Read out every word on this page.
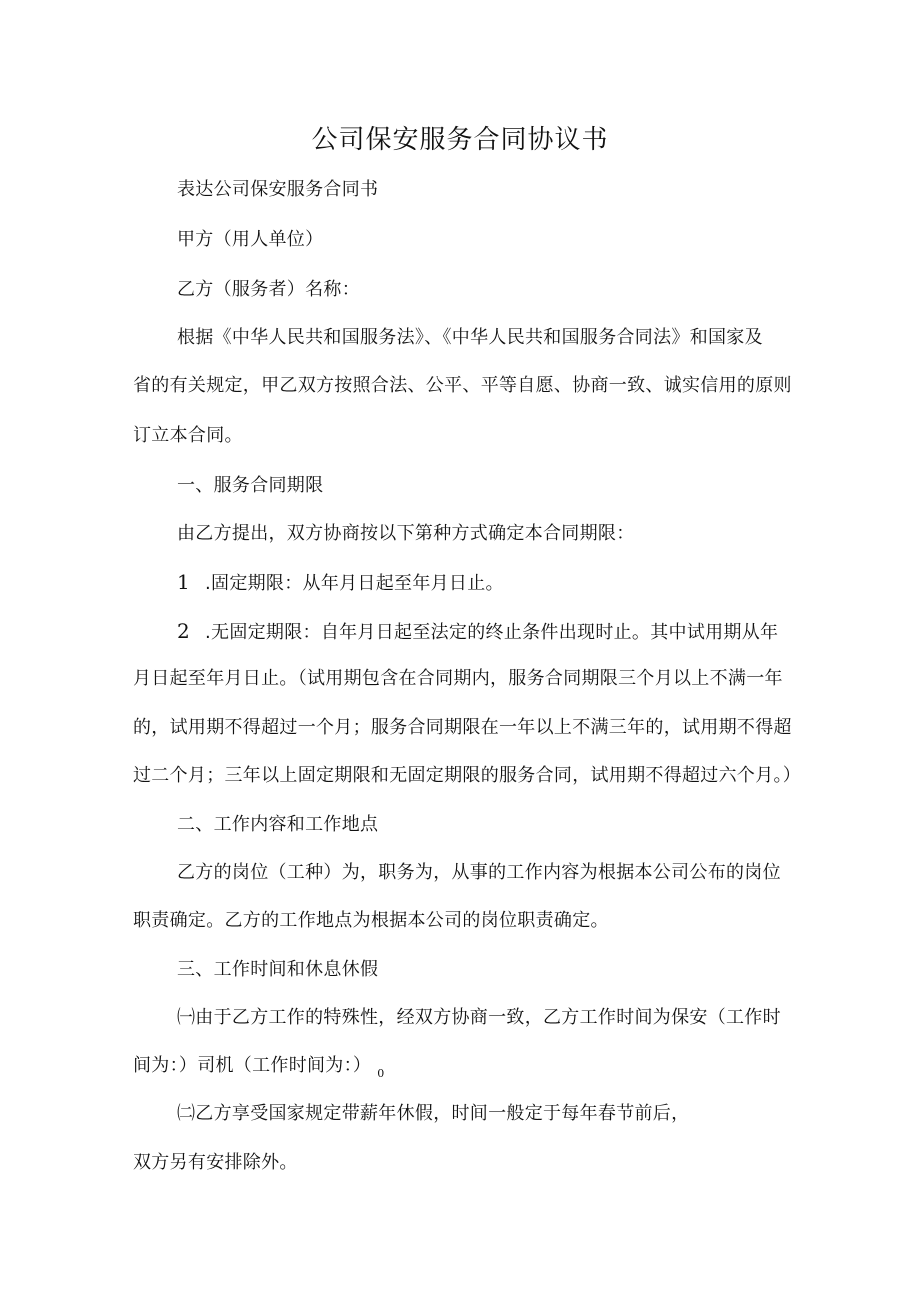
公司保安服务合同协议书
表达公司保安服务合同书
甲方（用人单位）
乙方（服务者）名称：
根据《中华人民共和国服务法》、《中华人民共和国服务合同法》和国家及
省的有关规定，甲乙双方按照合法、公平、平等自愿、协商一致、诚实信用的原则
订立本合同。
一、服务合同期限
由乙方提出，双方协商按以下第种方式确定本合同期限：
1 .固定期限：从年月日起至年月日止。
2 .无固定期限：自年月日起至法定的终止条件出现时止。其中试用期从年
月日起至年月日止。（试用期包含在合同期内，服务合同期限三个月以上不满一年
的，试用期不得超过一个月；服务合同期限在一年以上不满三年的，试用期不得超
过二个月；三年以上固定期限和无固定期限的服务合同，试用期不得超过六个月。）
二、工作内容和工作地点
乙方的岗位（工种）为，职务为，从事的工作内容为根据本公司公布的岗位
职责确定。乙方的工作地点为根据本公司的岗位职责确定。
三、工作时间和休息休假
㈠由于乙方工作的特殊性，经双方协商一致，乙方工作时间为保安（工作时
间为：）司机（工作时间为：） $_0$
㈡乙方享受国家规定带薪年休假，时间一般定于每年春节前后，
双方另有安排除外。
